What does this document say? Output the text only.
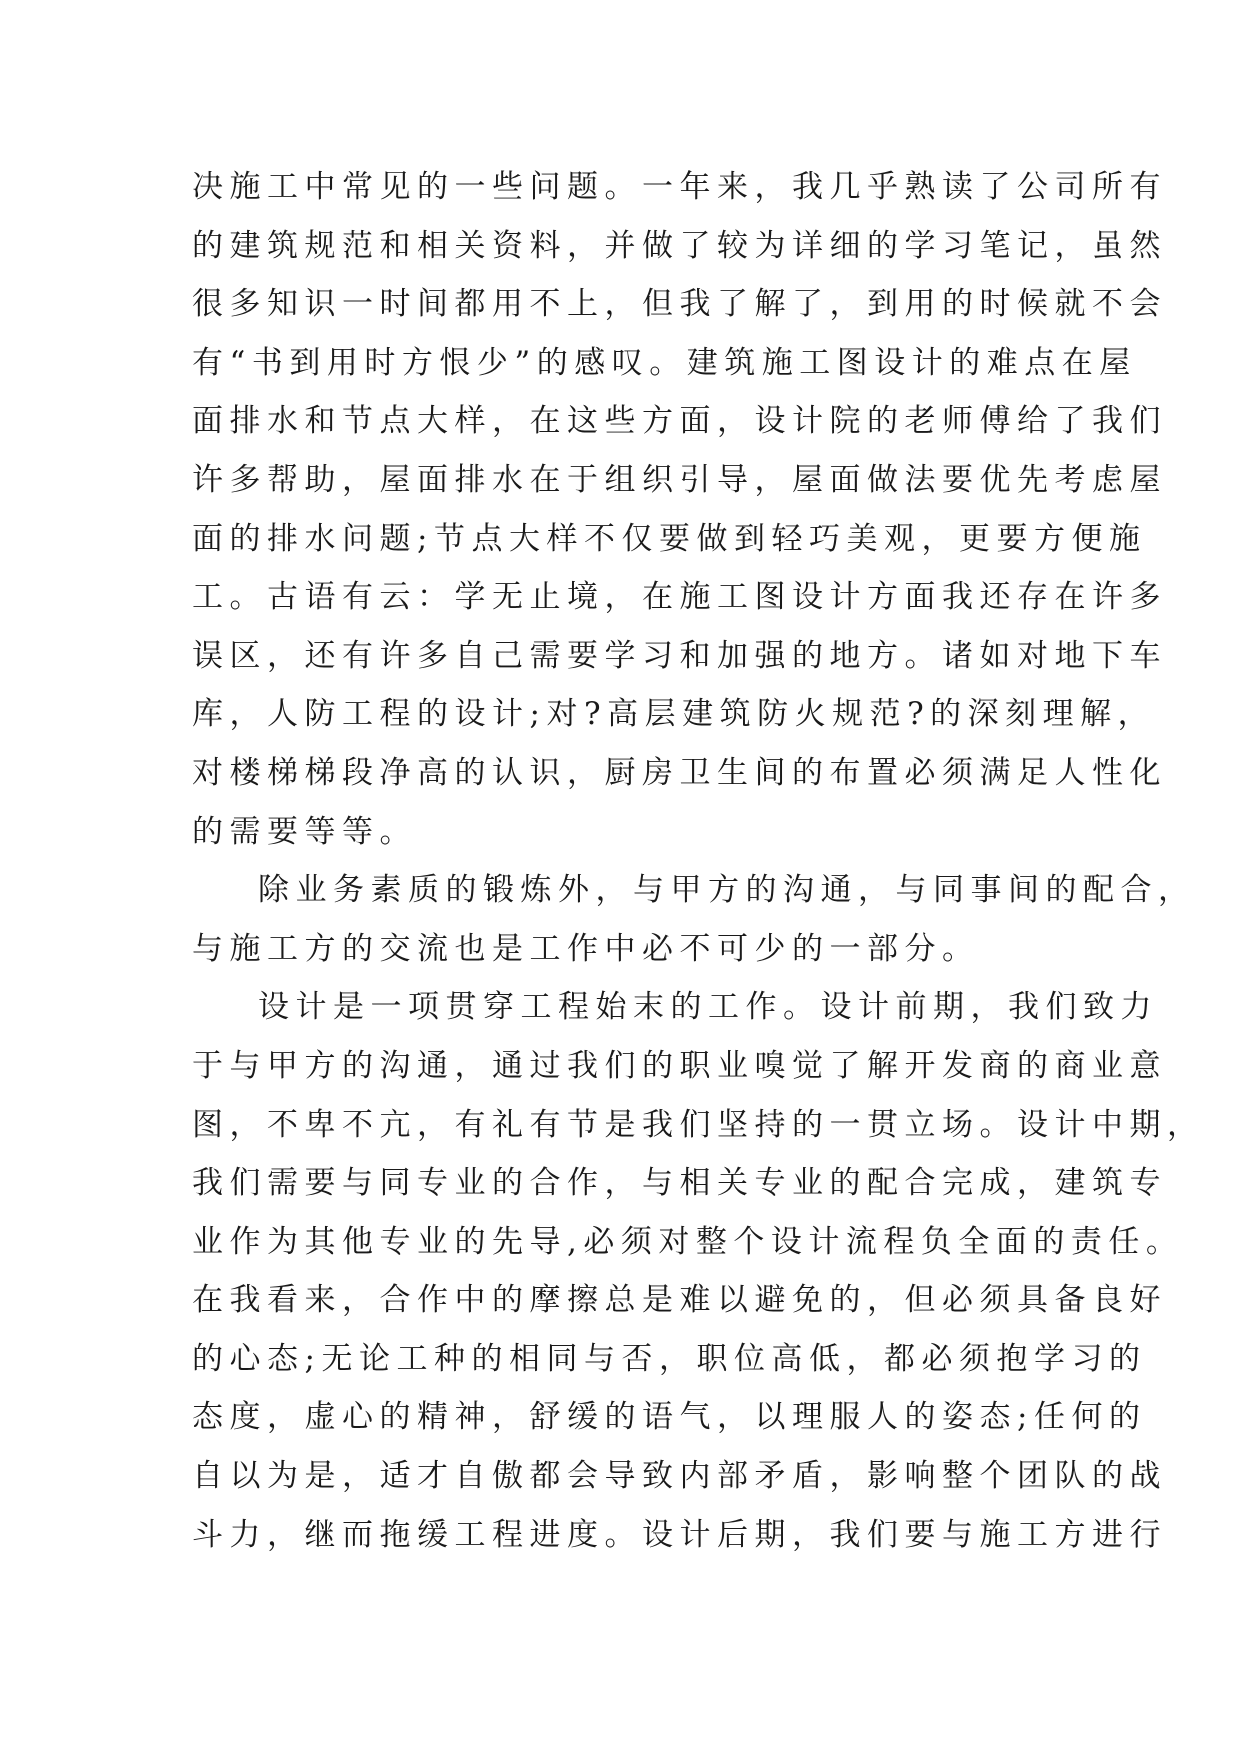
决施工中常见的一些问题。一年来，我几乎熟读了公司所有
的建筑规范和相关资料，并做了较为详细的学习笔记，虽然
很多知识一时间都用不上，但我了解了，到用的时候就不会
有“书到用时方恨少”的感叹。建筑施工图设计的难点在屋
面排水和节点大样，在这些方面，设计院的老师傅给了我们
许多帮助，屋面排水在于组织引导，屋面做法要优先考虑屋
面的排水问题;节点大样不仅要做到轻巧美观，更要方便施
工。古语有云：学无止境，在施工图设计方面我还存在许多
误区，还有许多自己需要学习和加强的地方。诸如对地下车
库，人防工程的设计;对?高层建筑防火规范?的深刻理解，
对楼梯梯段净高的认识，厨房卫生间的布置必须满足人性化
的需要等等。
除业务素质的锻炼外，与甲方的沟通，与同事间的配合，
与施工方的交流也是工作中必不可少的一部分。
设计是一项贯穿工程始末的工作。设计前期，我们致力
于与甲方的沟通，通过我们的职业嗅觉了解开发商的商业意
图，不卑不亢，有礼有节是我们坚持的一贯立场。设计中期，
我们需要与同专业的合作，与相关专业的配合完成，建筑专
业作为其他专业的先导,必须对整个设计流程负全面的责任。
在我看来，合作中的摩擦总是难以避免的，但必须具备良好
的心态;无论工种的相同与否，职位高低，都必须抱学习的
态度，虚心的精神，舒缓的语气，以理服人的姿态;任何的
自以为是，适才自傲都会导致内部矛盾，影响整个团队的战
斗力，继而拖缓工程进度。设计后期，我们要与施工方进行
